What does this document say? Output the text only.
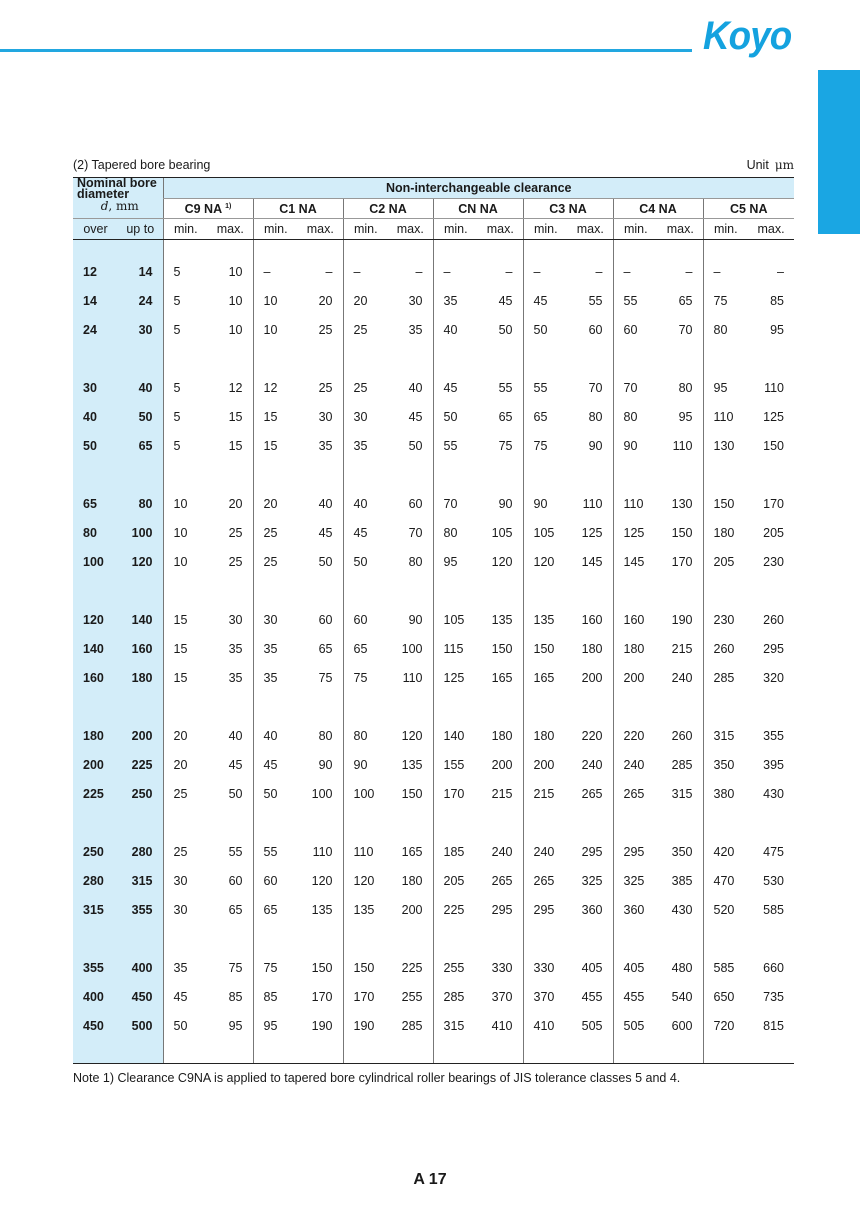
Koyo
(2) Tapered bore bearing	Unit μm
Nominal bore diameter
d, mm		Non-interchangeable clearance													
		C9 NA $^{1)}$		C1 NA		C2 NA		CN NA		C3 NA		C4 NA		C5 NA	
over	up to	min.	max.	min.	max.	min.	max.	min.	max.	min.	max.	min.	max.	min.	max.

12	14	5	10	–	–	–	–	–	–	–	–	–	–	–	–
14	24	5	10	10	20	20	30	35	45	45	55	55	65	75	85
24	30	5	10	10	25	25	35	40	50	50	60	60	70	80	95

30	40	5	12	12	25	25	40	45	55	55	70	70	80	95	110
40	50	5	15	15	30	30	45	50	65	65	80	80	95	110	125
50	65	5	15	15	35	35	50	55	75	75	90	90	110	130	150

65	80	10	20	20	40	40	60	70	90	90	110	110	130	150	170
80	100	10	25	25	45	45	70	80	105	105	125	125	150	180	205
100	120	10	25	25	50	50	80	95	120	120	145	145	170	205	230

120	140	15	30	30	60	60	90	105	135	135	160	160	190	230	260
140	160	15	35	35	65	65	100	115	150	150	180	180	215	260	295
160	180	15	35	35	75	75	110	125	165	165	200	200	240	285	320

180	200	20	40	40	80	80	120	140	180	180	220	220	260	315	355
200	225	20	45	45	90	90	135	155	200	200	240	240	285	350	395
225	250	25	50	50	100	100	150	170	215	215	265	265	315	380	430

250	280	25	55	55	110	110	165	185	240	240	295	295	350	420	475
280	315	30	60	60	120	120	180	205	265	265	325	325	385	470	530
315	355	30	65	65	135	135	200	225	295	295	360	360	430	520	585

355	400	35	75	75	150	150	225	255	330	330	405	405	480	585	660
400	450	45	85	85	170	170	255	285	370	370	455	455	540	650	735
450	500	50	95	95	190	190	285	315	410	410	505	505	600	720	815

Note 1) Clearance C9NA is applied to tapered bore cylindrical roller bearings of JIS tolerance classes 5 and 4.
A 17
